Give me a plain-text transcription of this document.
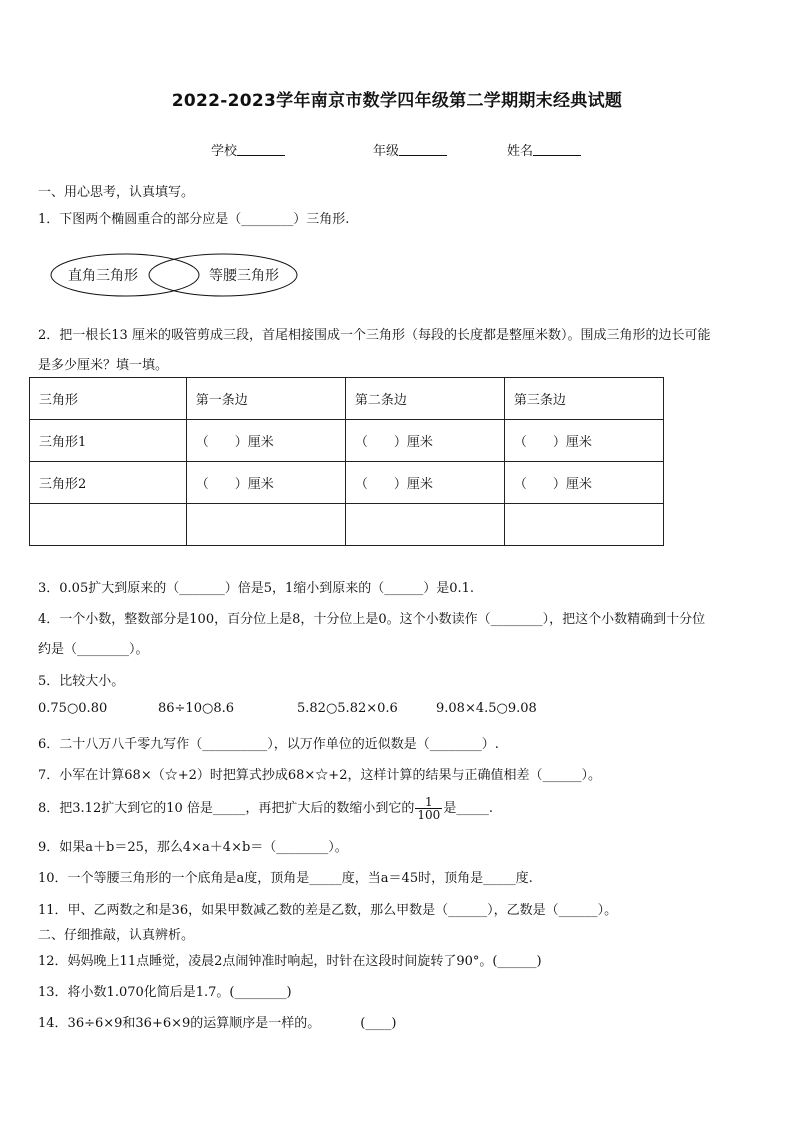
2022-2023学年南京市数学四年级第二学期期末经典试题
学校	年级	姓名
一、用心思考，认真填写。
1．下图两个椭圆重合的部分应是（________）三角形.
直角三角形	等腰三角形
2．把一根长13 厘米的吸管剪成三段，首尾相接围成一个三角形（每段的长度都是整厘米数）。围成三角形的边长可能
是多少厘米？填一填。
三角形	第一条边	第二条边	第三条边
三角形1	（　　）厘米	（　　）厘米	（　　）厘米
三角形2	（　　）厘米	（　　）厘米	（　　）厘米

3．0.05扩大到原来的（_______）倍是5，1缩小到原来的（______）是0.1.
4．一个小数，整数部分是100，百分位上是8，十分位上是0。这个小数读作（________），把这个小数精确到十分位
约是（________）。
5．比较大小。
0.75○0.80	86÷10○8.6	5.82○5.82×0.6	9.08×4.5○9.08
6．二十八万八千零九写作（__________），以万作单位的近似数是（________）.
7．小军在计算68×（☆+2）时把算式抄成68×☆+2，这样计算的结果与正确值相差（______）。
8．把3.12扩大到它的10 倍是_____，再把扩大后的数缩小到它的 $\frac{1}{100}$ 是_____.
9．如果a＋b＝25，那么4×a＋4×b＝（________）。
10．一个等腰三角形的一个底角是a度，顶角是_____度，当a＝45时，顶角是_____度.
11．甲、乙两数之和是36，如果甲数减乙数的差是乙数，那么甲数是（______），乙数是（______）。
二、仔细推敲，认真辨析。
12．妈妈晚上11点睡觉，凌晨2点闹钟准时响起，时针在这段时间旋转了90°。(______)
13．将小数1.070化简后是1.7。(________)
14．36÷6×9和36+6×9的运算顺序是一样的。	(____)
